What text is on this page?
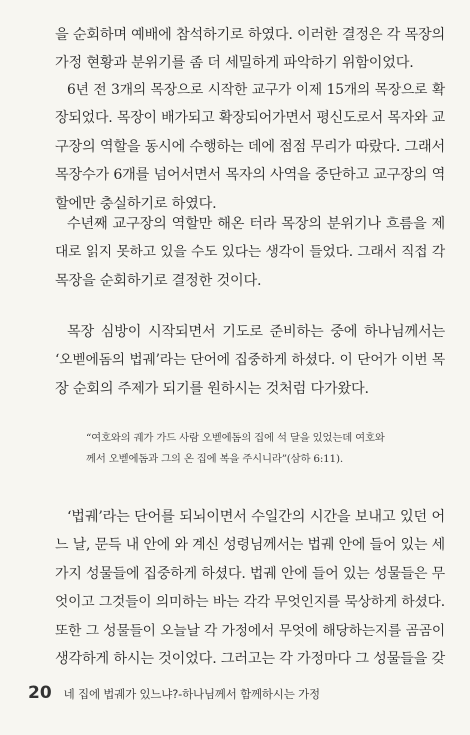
을 순회하며 예배에 참석하기로 하였다. 이러한 결정은 각 목장의
가정 현황과 분위기를 좀 더 세밀하게 파악하기 위함이었다.

6년 전 3개의 목장으로 시작한 교구가 이제 15개의 목장으로 확
장되었다. 목장이 배가되고 확장되어가면서 평신도로서 목자와 교
구장의 역할을 동시에 수행하는 데에 점점 무리가 따랐다. 그래서
목장수가 6개를 넘어서면서 목자의 사역을 중단하고 교구장의 역
할에만 충실하기로 하였다.

수년째 교구장의 역할만 해온 터라 목장의 분위기나 흐름을 제
대로 읽지 못하고 있을 수도 있다는 생각이 들었다. 그래서 직접 각
목장을 순회하기로 결정한 것이다.

목장 심방이 시작되면서 기도로 준비하는 중에 하나님께서는
‘오벧에돔의 법궤’라는 단어에 집중하게 하셨다. 이 단어가 이번 목
장 순회의 주제가 되기를 원하시는 것처럼 다가왔다.

“여호와의 궤가 가드 사람 오벧에돔의 집에 석 달을 있었는데 여호와
께서 오벧에돔과 그의 온 집에 복을 주시니라”(삼하 6:11).

‘법궤’라는 단어를 되뇌이면서 수일간의 시간을 보내고 있던 어
느 날, 문득 내 안에 와 계신 성령님께서는 법궤 안에 들어 있는 세
가지 성물들에 집중하게 하셨다. 법궤 안에 들어 있는 성물들은 무
엇이고 그것들이 의미하는 바는 각각 무엇인지를 묵상하게 하셨다.
또한 그 성물들이 오늘날 각 가정에서 무엇에 해당하는지를 곰곰이
생각하게 하시는 것이었다. 그러고는 각 가정마다 그 성물들을 갖

20 네 집에 법궤가 있느냐?-하나님께서 함께하시는 가정
